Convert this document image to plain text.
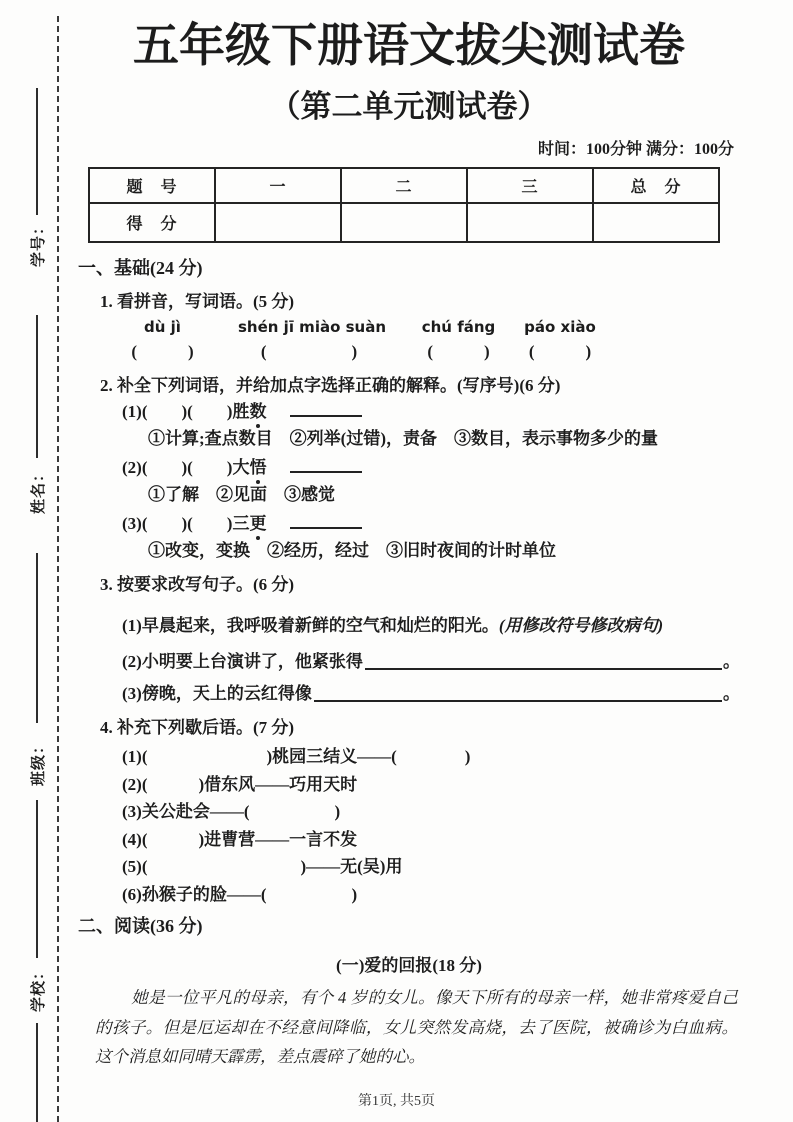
学号：
姓名：
班级：
学校：
五年级下册语文拔尖测试卷
（第二单元测试卷）
时间：100分钟 满分：100分
题　号	一	二	三	总　分
得　分				
一、基础(24 分)
1. 看拼音，写词语。(5 分)
dù jì	shén jī miào suàn	chú fáng	páo xiào
(　　　)	(　　　　　)	(　　　)	(　　　)
2. 补全下列词语，并给加点字选择正确的解释。(写序号)(6 分)
(1)(　　)(　　)胜数
①计算;查点数目　②列举(过错)，责备　③数目，表示事物多少的量
(2)(　　)(　　)大悟
①了解　②见面　③感觉
(3)(　　)(　　)三更
①改变，变换　②经历，经过　③旧时夜间的计时单位
3. 按要求改写句子。(6 分)
(1)早晨起来，我呼吸着新鲜的空气和灿烂的阳光。(用修改符号修改病句)
(2)小明要上台演讲了，他紧张得	。
(3)傍晚，天上的云红得像	。
4. 补充下列歇后语。(7 分)
(1)(　　　　　　　)桃园三结义——(　　　　)
(2)(　　　)借东风——巧用天时
(3)关公赴会——(　　　　　)
(4)(　　　)进曹营——一言不发
(5)(　　　　　　　　　)——无(吴)用
(6)孙猴子的脸——(　　　　　)
二、阅读(36 分)
(一)爱的回报(18 分)
她是一位平凡的母亲，有个 4 岁的女儿。像天下所有的母亲一样，她非常疼爱自己的孩子。但是厄运却在不经意间降临，女儿突然发高烧，去了医院，被确诊为白血病。这个消息如同晴天霹雳，差点震碎了她的心。
第1页, 共5页
